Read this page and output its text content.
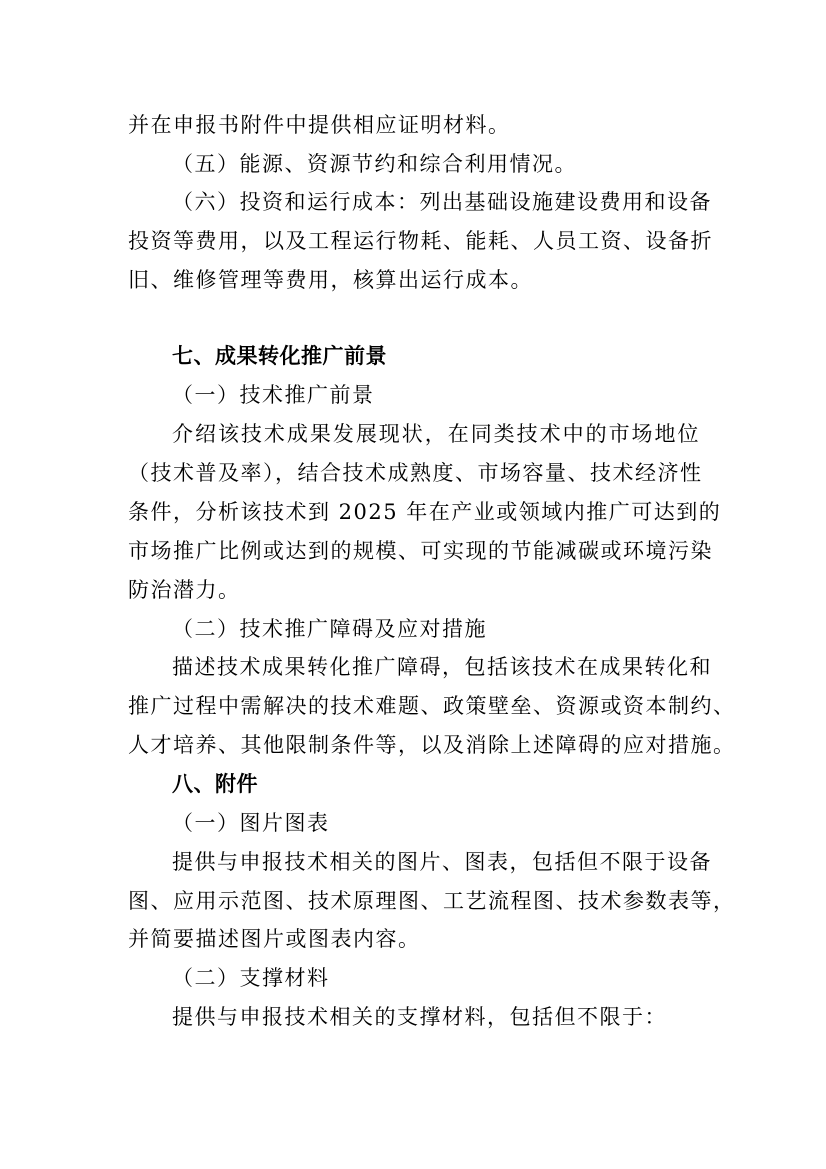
并在申报书附件中提供相应证明材料。
（五）能源、资源节约和综合利用情况。
（六）投资和运行成本：列出基础设施建设费用和设备
投资等费用，以及工程运行物耗、能耗、人员工资、设备折
旧、维修管理等费用，核算出运行成本。
七、成果转化推广前景
（一）技术推广前景
介绍该技术成果发展现状，在同类技术中的市场地位
（技术普及率），结合技术成熟度、市场容量、技术经济性
条件，分析该技术到 2025 年在产业或领域内推广可达到的
市场推广比例或达到的规模、可实现的节能减碳或环境污染
防治潜力。
（二）技术推广障碍及应对措施
描述技术成果转化推广障碍，包括该技术在成果转化和
推广过程中需解决的技术难题、政策壁垒、资源或资本制约、
人才培养、其他限制条件等，以及消除上述障碍的应对措施。
八、附件
（一）图片图表
提供与申报技术相关的图片、图表，包括但不限于设备
图、应用示范图、技术原理图、工艺流程图、技术参数表等，
并简要描述图片或图表内容。
（二）支撑材料
提供与申报技术相关的支撑材料，包括但不限于：
